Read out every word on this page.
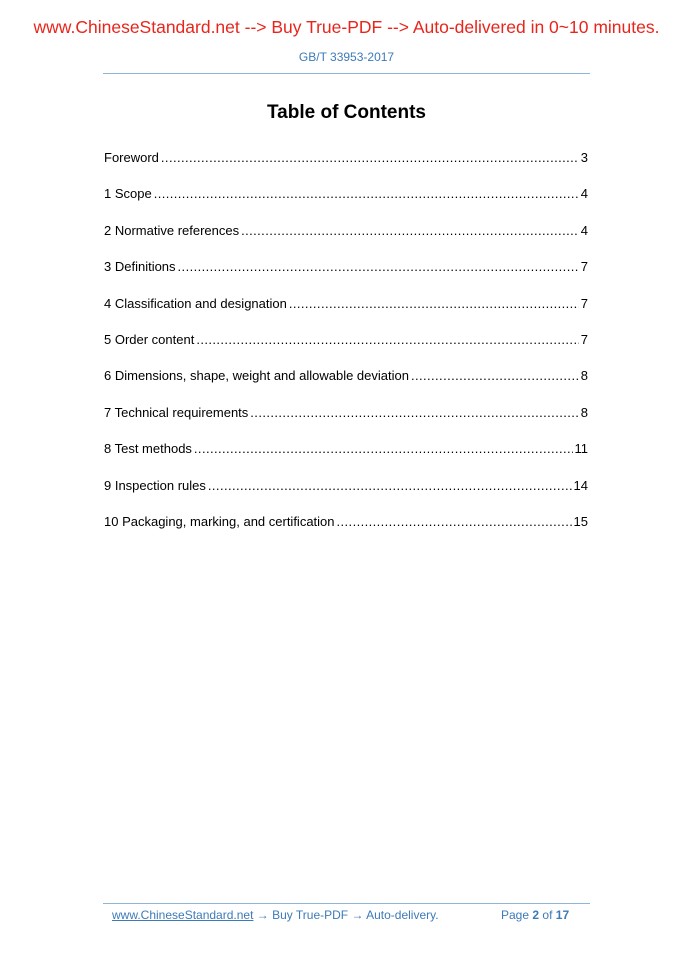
www.ChineseStandard.net --> Buy True-PDF --> Auto-delivered in 0~10 minutes.
GB/T 33953-2017
Table of Contents
Foreword .....	3
1 Scope .....	4
2 Normative references .....	4
3 Definitions .....	7
4 Classification and designation .....	7
5 Order content .....	7
6 Dimensions, shape, weight and allowable deviation .....	8
7 Technical requirements .....	8
8 Test methods .....	11
9 Inspection rules .....	14
10 Packaging, marking, and certification .....	15
www.ChineseStandard.net → Buy True-PDF → Auto-delivery.	Page 2 of 17
